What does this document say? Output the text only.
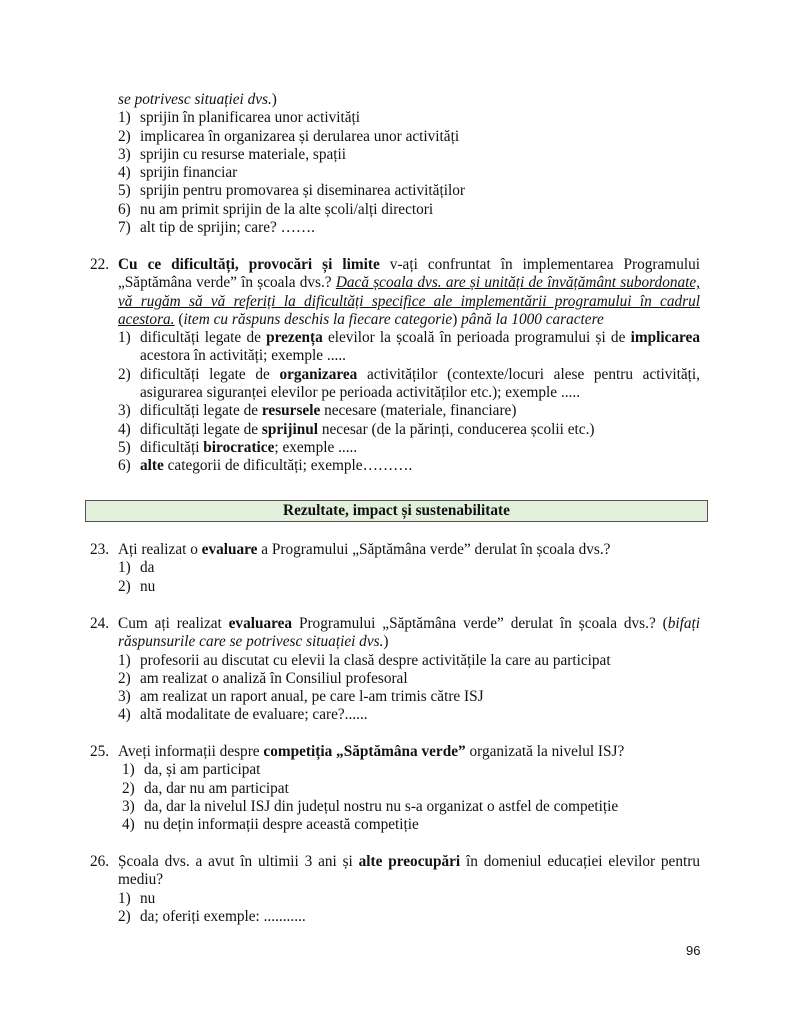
se potrivesc situației dvs.)
1) sprijin în planificarea unor activități
2) implicarea în organizarea și derularea unor activități
3) sprijin cu resurse materiale, spații
4) sprijin financiar
5) sprijin pentru promovarea și diseminarea activităților
6) nu am primit sprijin de la alte școli/alți directori
7) alt tip de sprijin; care? …….
22. Cu ce dificultăți, provocări și limite v-ați confruntat în implementarea Programului „Săptămâna verde” în școala dvs.? Dacă școala dvs. are și unități de învățământ subordonate, vă rugăm să vă referiți la dificultăți specifice ale implementării programului în cadrul acestora. (item cu răspuns deschis la fiecare categorie) până la 1000 caractere
1) dificultăți legate de prezența elevilor la școală în perioada programului și de implicarea acestora în activități; exemple .....
2) dificultăți legate de organizarea activităților (contexte/locuri alese pentru activități, asigurarea siguranței elevilor pe perioada activităților etc.); exemple .....
3) dificultăți legate de resursele necesare (materiale, financiare)
4) dificultăți legate de sprijinul necesar (de la părinți, conducerea școlii etc.)
5) dificultăți birocratice; exemple .....
6) alte categorii de dificultăți; exemple……….
Rezultate, impact și sustenabilitate
23. Ați realizat o evaluare a Programului „Săptămâna verde” derulat în școala dvs.?
1) da
2) nu
24. Cum ați realizat evaluarea Programului „Săptămâna verde” derulat în școala dvs.? (bifați răspunsurile care se potrivesc situației dvs.)
1) profesorii au discutat cu elevii la clasă despre activitățile la care au participat
2) am realizat o analiză în Consiliul profesoral
3) am realizat un raport anual, pe care l-am trimis către ISJ
4) altă modalitate de evaluare; care?......
25. Aveți informații despre competiția „Săptămâna verde” organizată la nivelul ISJ?
1) da, și am participat
2) da, dar nu am participat
3) da, dar la nivelul ISJ din județul nostru nu s-a organizat o astfel de competiție
4) nu dețin informații despre această competiție
26. Școala dvs. a avut în ultimii 3 ani și alte preocupări în domeniul educației elevilor pentru mediu?
1) nu
2) da; oferiți exemple: ...........
96
